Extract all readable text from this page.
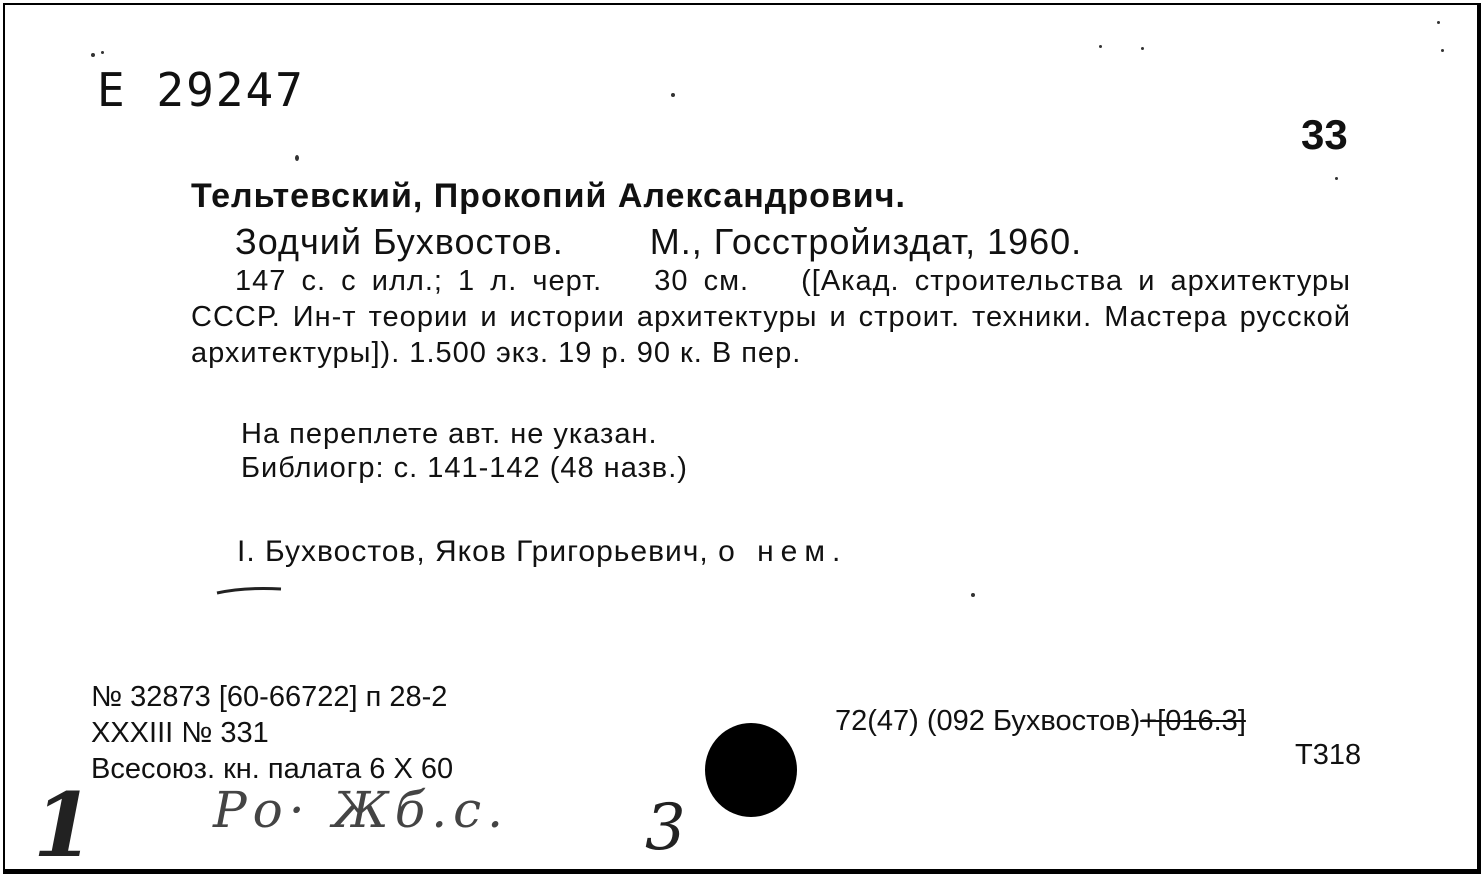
Е 29247
33
Тельтевский, Прокопий Александрович.
Зодчий Бухвостов. М., Госстройиздат, 1960.

147 с. с илл.; 1 л. черт. 30 см. ([Акад. строительства и архитектуры СССР. Ин-т теории и истории архитектуры и строит. техники. Мастера русской архитектуры]). 1.500 экз. 19 р. 90 к. В пер.

На переплете авт. не указан.
Библиогр: с. 141-142 (48 назв.)
I. Бухвостов, Яков Григорьевич, о нем.
№ 32873 [60-66722] п 28-2
XXXIII № 331
Всесоюз. кн. палата 6 X 60
72(47) (092 Бухвостов)+[016.3]
Т318
1 Ро· Жб.с. 3
